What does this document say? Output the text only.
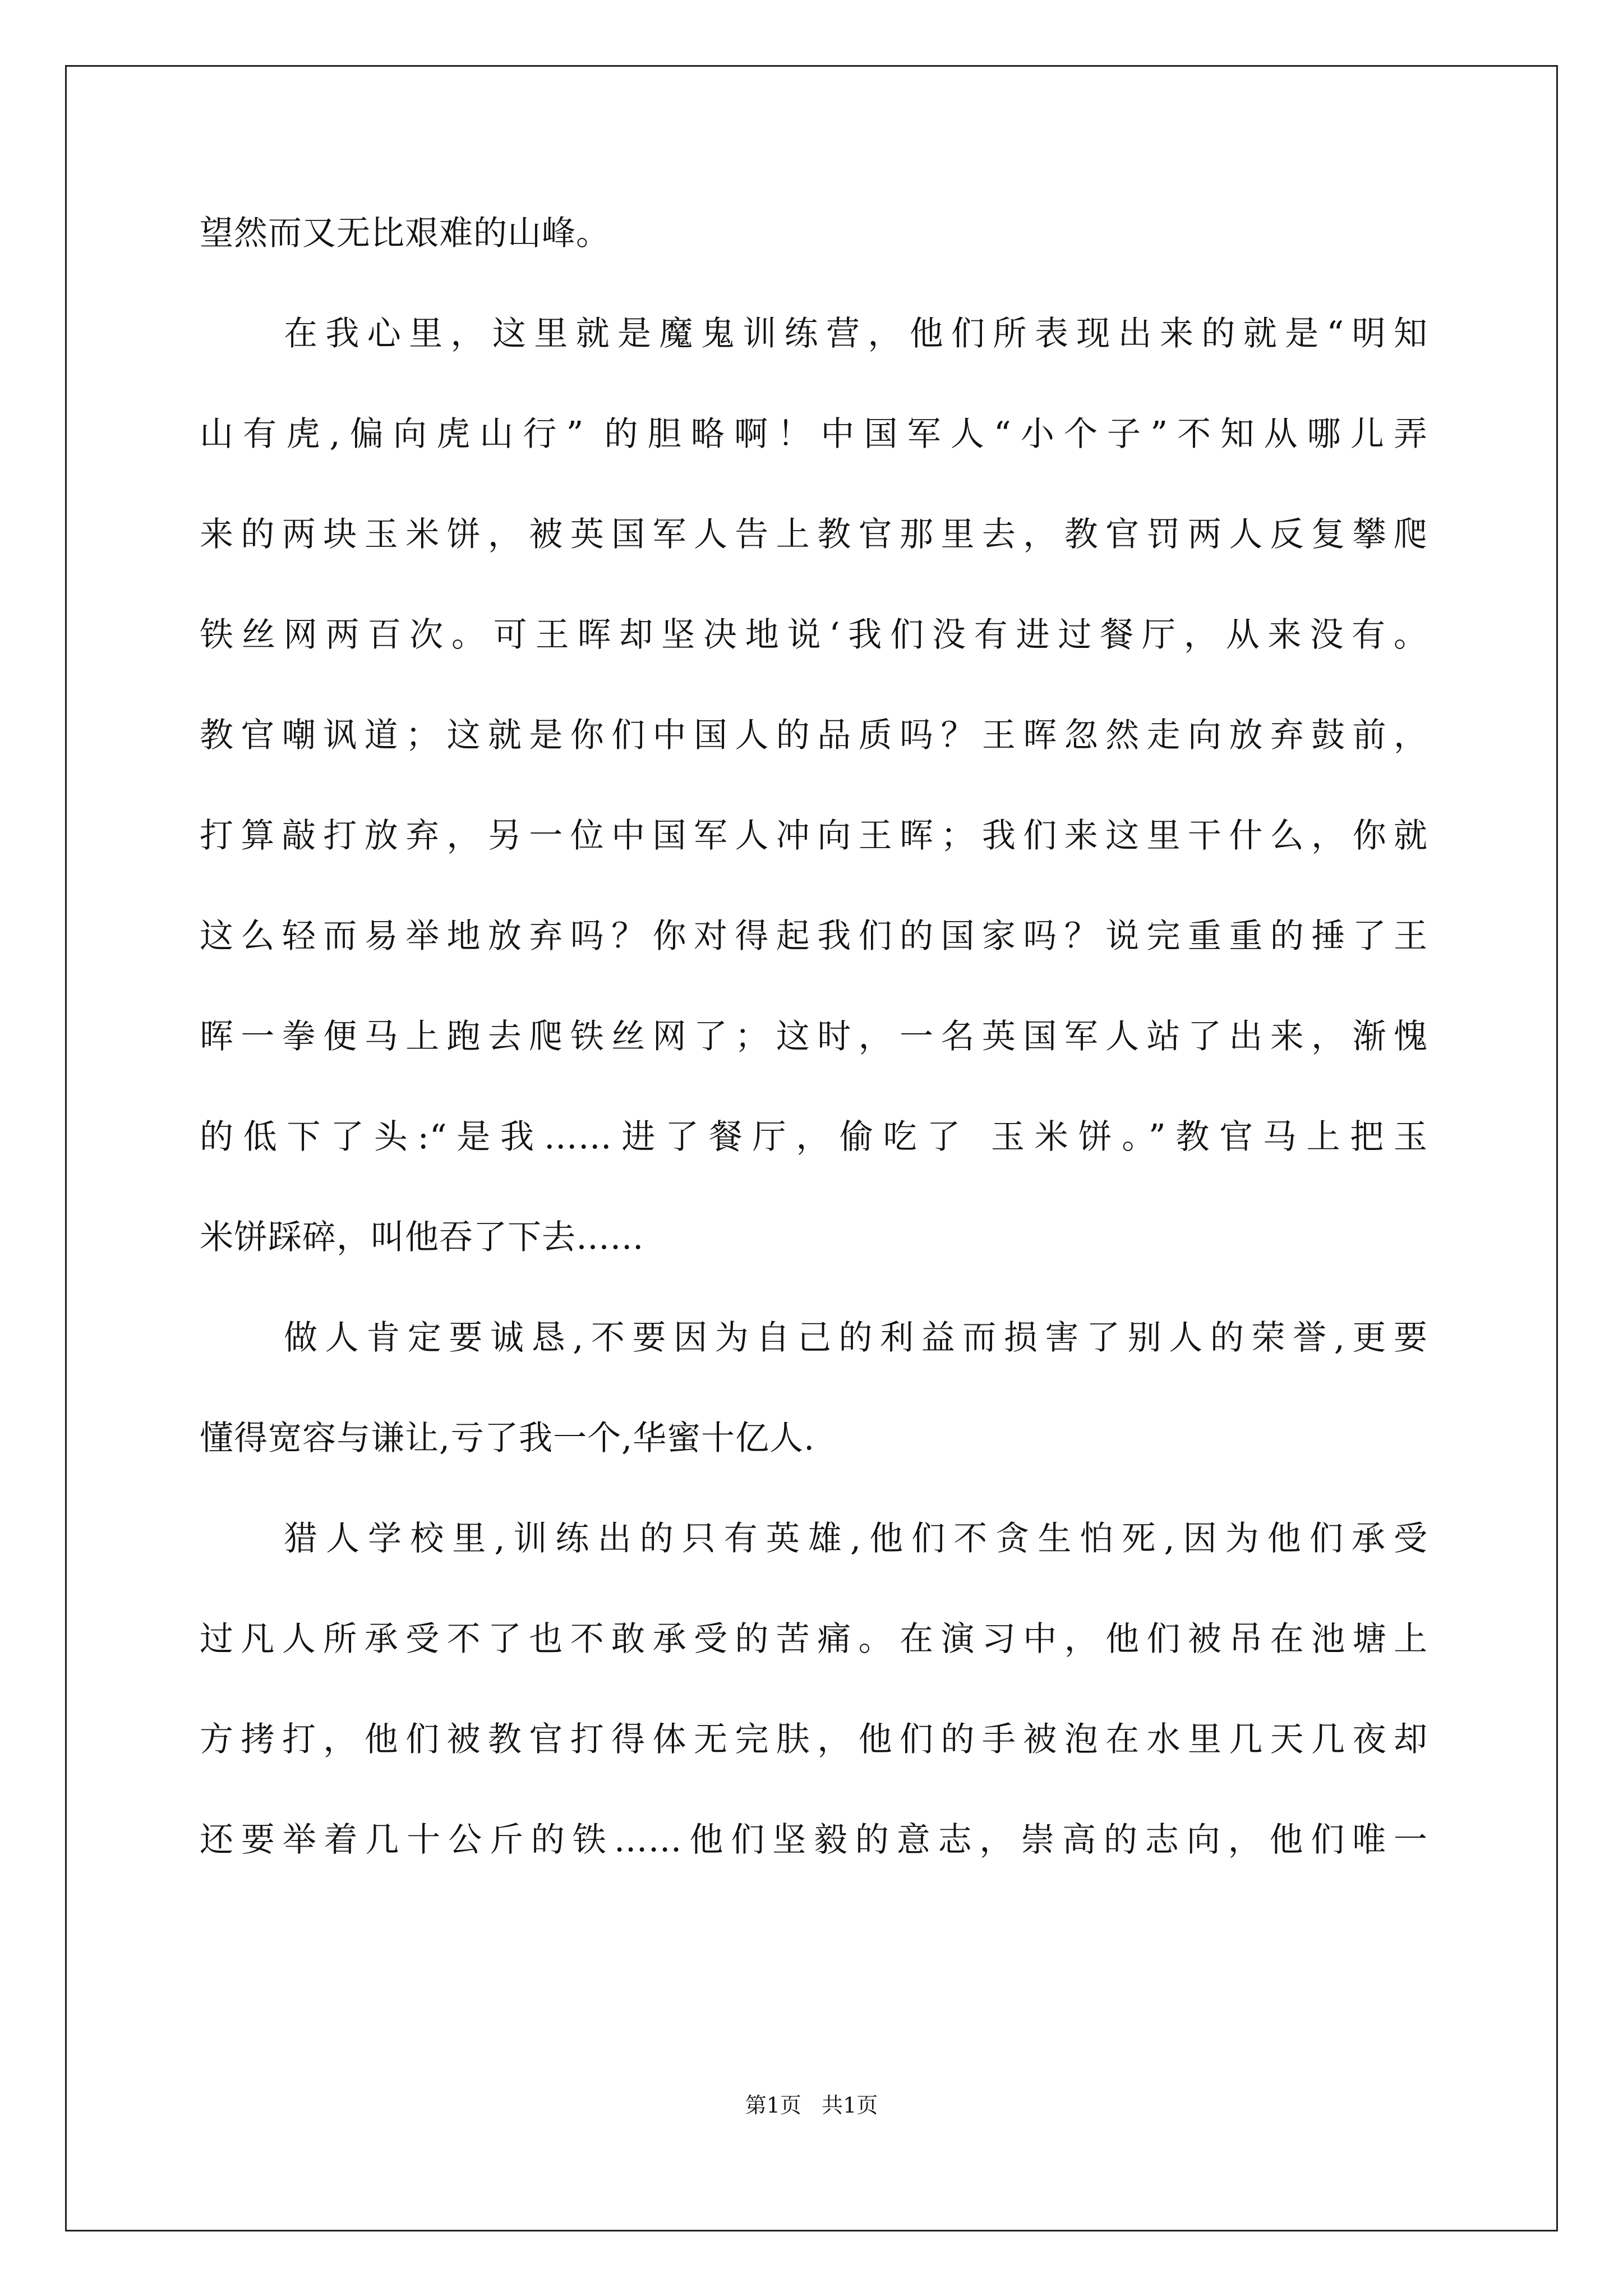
望然而又无比艰难的山峰。
在我心里，这里就是魔鬼训练营，他们所表现出来的就是“明知
山有虎,偏向虎山行” 的胆略啊！中国军人“小个子”不知从哪儿弄
来的两块玉米饼，被英国军人告上教官那里去，教官罚两人反复攀爬
铁丝网两百次。可王晖却坚决地说‘我们没有进过餐厅，从来没有。
教官嘲讽道；这就是你们中国人的品质吗？王晖忽然走向放弃鼓前，
打算敲打放弃，另一位中国军人冲向王晖；我们来这里干什么，你就
这么轻而易举地放弃吗？你对得起我们的国家吗？说完重重的捶了王
晖一拳便马上跑去爬铁丝网了；这时，一名英国军人站了出来，渐愧
的低下了头:“是我……进了餐厅，偷吃了 玉米饼。”教官马上把玉
米饼踩碎，叫他吞了下去…...
做人肯定要诚恳,不要因为自己的利益而损害了别人的荣誉,更要
懂得宽容与谦让,亏了我一个,华蜜十亿人.
猎人学校里,训练出的只有英雄,他们不贪生怕死,因为他们承受
过凡人所承受不了也不敢承受的苦痛。在演习中，他们被吊在池塘上
方拷打，他们被教官打得体无完肤，他们的手被泡在水里几天几夜却
还要举着几十公斤的铁……他们坚毅的意志，崇高的志向，他们唯一
第1页   共1页
